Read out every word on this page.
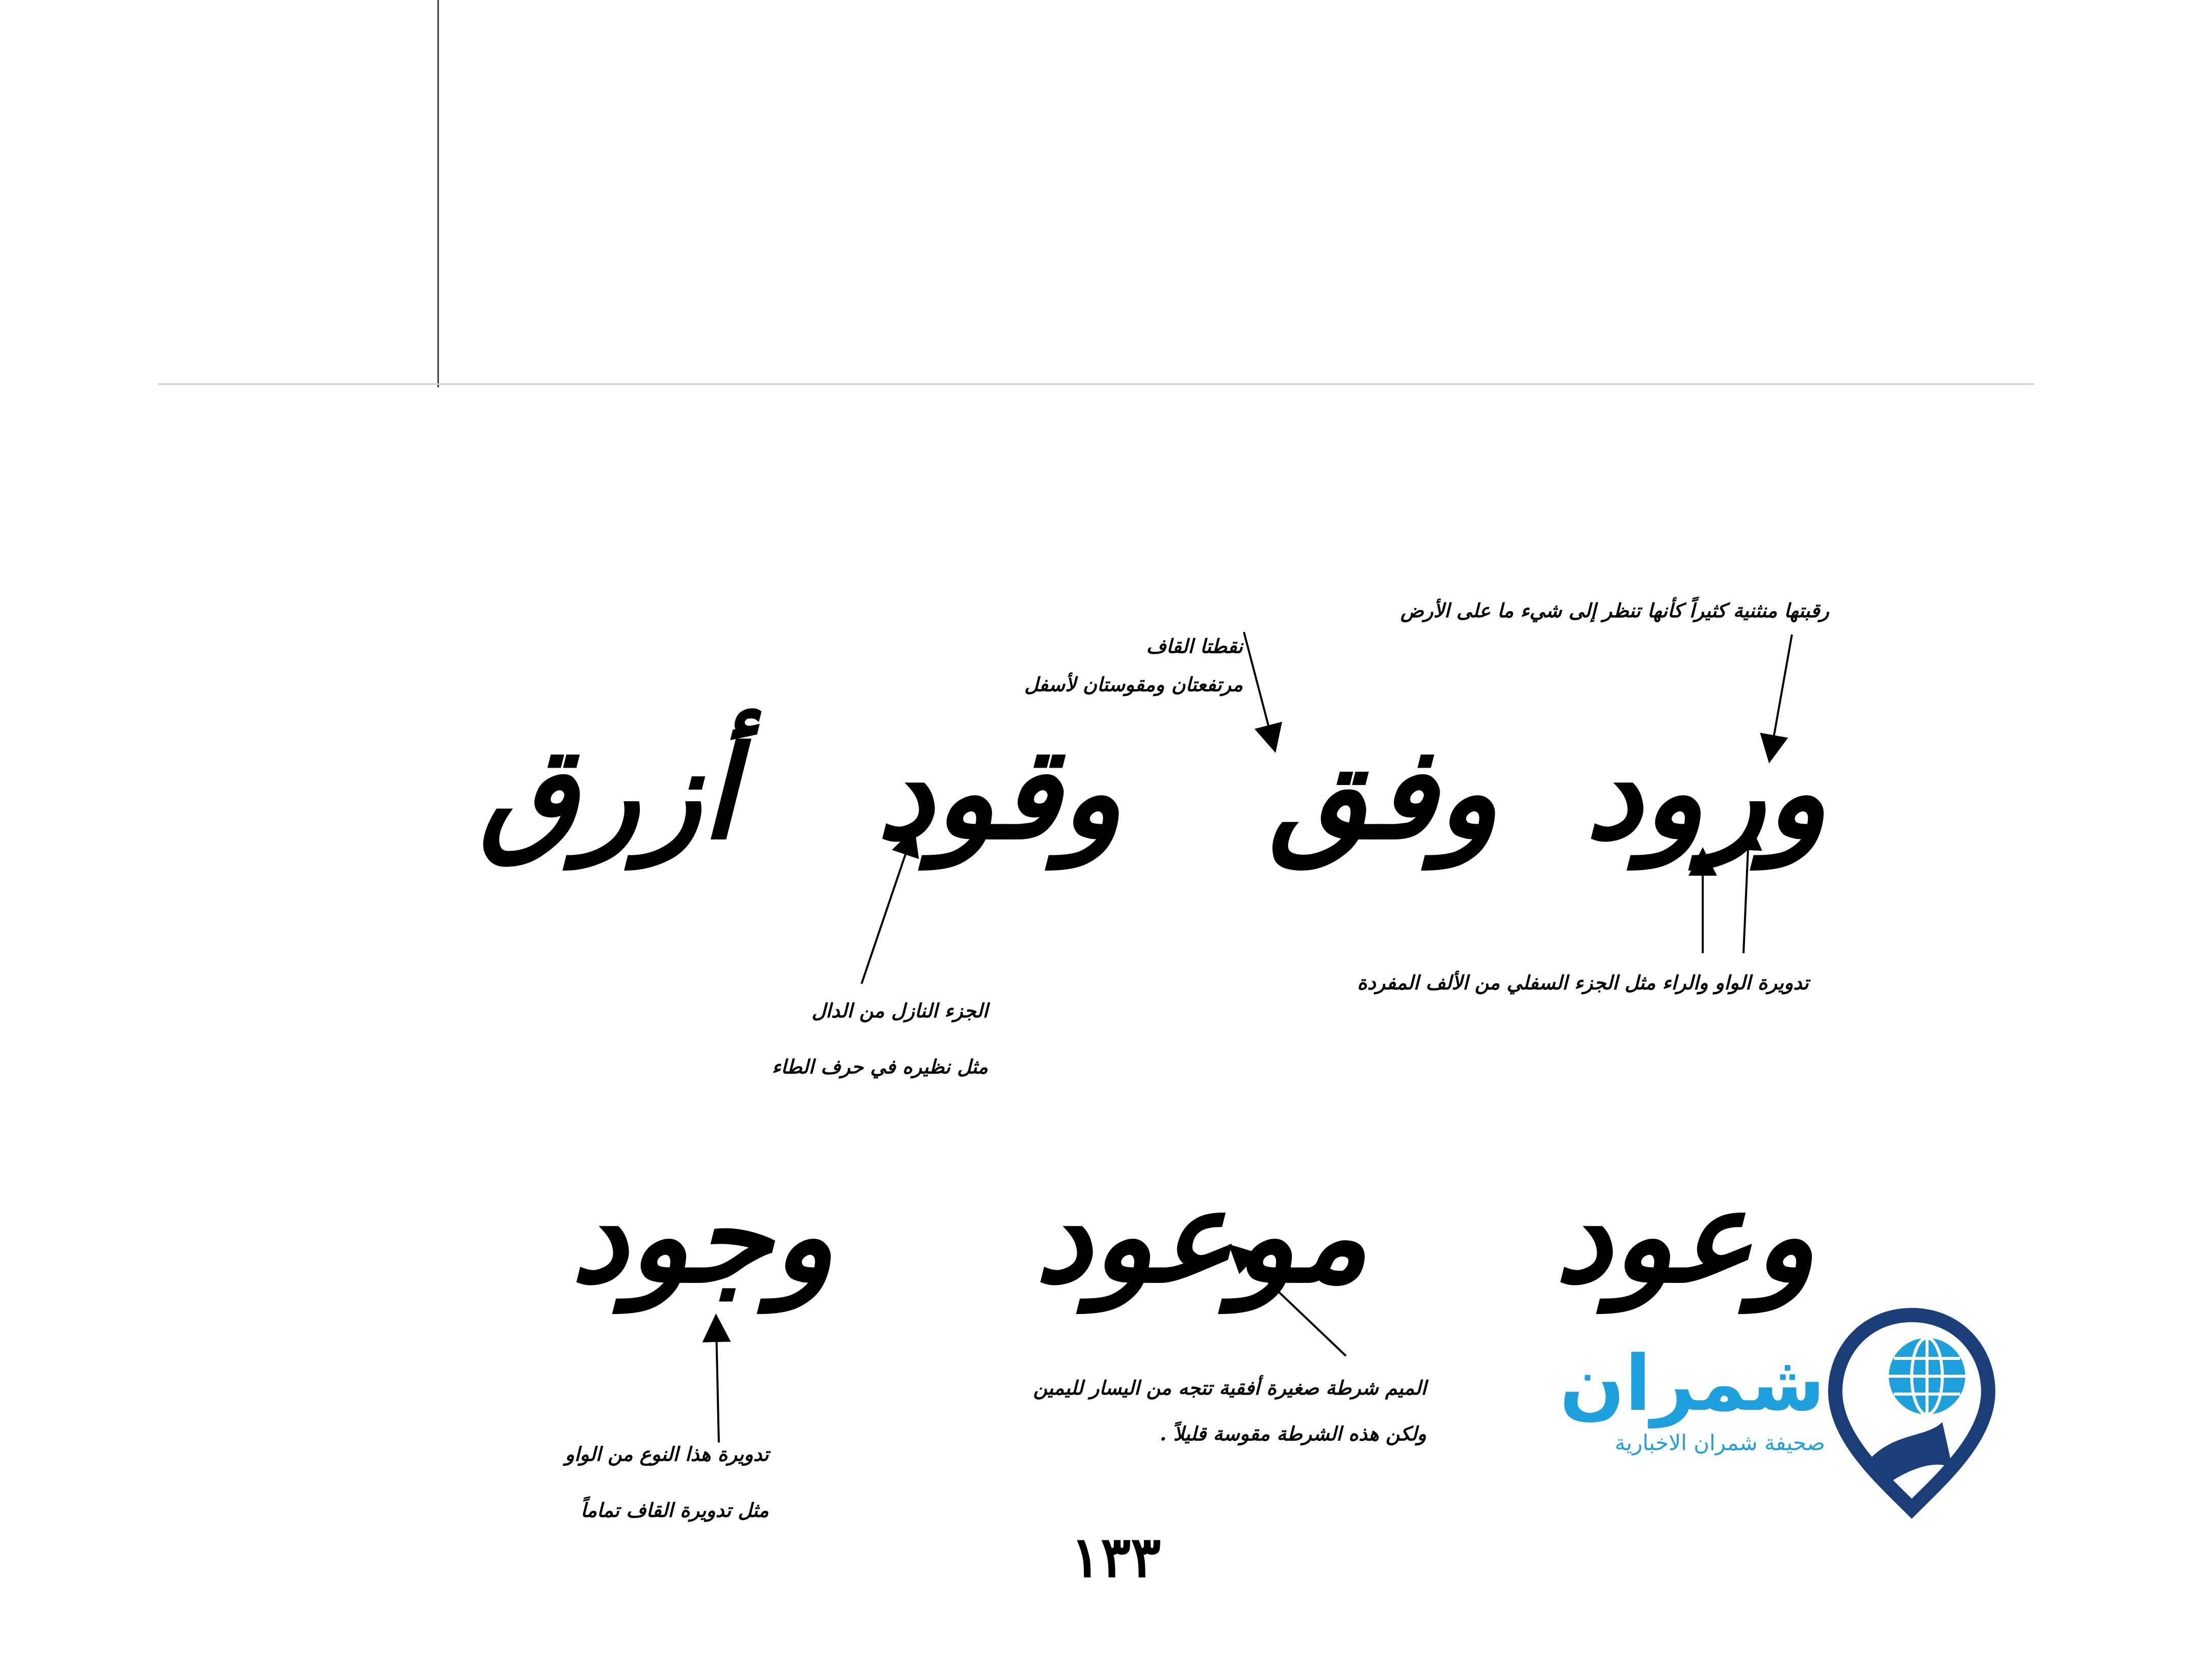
رقبتها منثنية كثيراً كأنها تنظر إلى شيء ما على الأرض
نقطتا القاف
مرتفعتان ومقوستان لأسفل
تدويرة الواو والراء مثل الجزء السفلي من الألف المفردة
الجزء النازل من الدال
مثل نظيره في حرف الطاء
الميم شرطة صغيرة أفقية تتجه من اليسار لليمين
ولكن هذه الشرطة مقوسة قليلاً .
تدويرة هذا النوع من الواو
مثل تدويرة القاف تماماً
ورود
وفق
وقود
أزرق
وعود
موعود
وجود
١٣٣
شمران
صحيفة شمران الاخبارية
